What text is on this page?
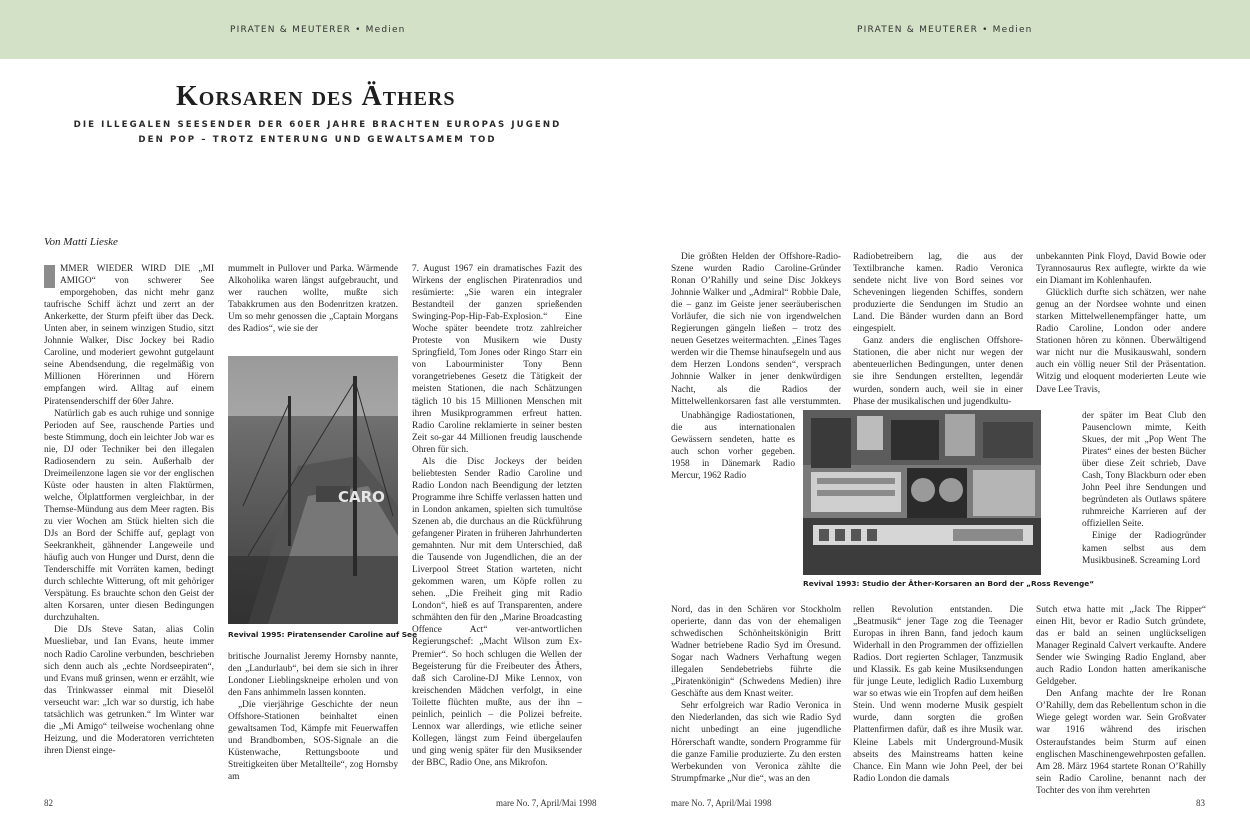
PIRATEN & MEUTERER • Medien	PIRATEN & MEUTERER • Medien
Korsaren des Äthers
DIE ILLEGALEN SEESENDER DER 60ER JAHRE BRACHTEN EUROPAS JUGEND
DEN POP – TROTZ ENTERUNG UND GEWALTSAMEM TOD
Von Matti Lieske

MMER WIEDER WIRD DIE „MI AMIGO“ von schwerer See emporgehoben, das nicht mehr ganz taufrische Schiff ächzt und zerrt an der Ankerkette, der Sturm pfeift über das Deck. Unten aber, in seinem winzigen Studio, sitzt Johnnie Walker, Disc Jockey bei Radio Caroline, und moderiert gewohnt gutgelaunt seine Abendsendung, die regelmäßig von Millionen Hörerinnen und Hörern empfangen wird. Alltag auf einem Piratensenderschiff der 60er Jahre.

Natürlich gab es auch ruhige und sonnige Perioden auf See, rauschende Parties und beste Stimmung, doch ein leichter Job war es nie, DJ oder Techniker bei den illegalen Radiosendern zu sein. Außerhalb der Dreimeilenzone lagen sie vor der englischen Küste oder hausten in alten Flaktürmen, welche, Ölplattformen vergleichbar, in der Themse-Mündung aus dem Meer ragten. Bis zu vier Wochen am Stück hielten sich die DJs an Bord der Schiffe auf, geplagt von Seekrankheit, gähnender Langeweile und häufig auch von Hunger und Durst, denn die Tenderschiffe mit Vorräten kamen, bedingt durch schlechte Witterung, oft mit gehöriger Verspätung. Es brauchte schon den Geist der alten Korsaren, unter diesen Bedingungen durchzuhalten.

Die DJs Steve Satan, alias Colin Muesliebar, und Ian Evans, heute immer noch Radio Caroline verbunden, beschrieben sich denn auch als „echte Nordseepiraten“, und Evans muß grinsen, wenn er erzählt, wie das Trinkwasser einmal mit Dieselöl verseucht war: „Ich war so durstig, ich habe tatsächlich was getrunken.“ Im Winter war die „Mi Amigo“ teilweise wochenlang ohne Heizung, und die Moderatoren verrichteten ihren Dienst einge-

mummelt in Pullover und Parka. Wärmende Alkoholika waren längst aufgebraucht, und wer rauchen wollte, mußte sich Tabakkrumen aus den Bodenritzen kratzen. Um so mehr genossen die „Captain Morgans des Radios“, wie sie der

CARO
Revival 1995: Piratensender Caroline auf See

britische Journalist Jeremy Hornsby nannte, den „Landurlaub“, bei dem sie sich in ihrer Londoner Lieblingskneipe erholen und von den Fans anhimmeln lassen konnten.

„Die vierjährige Geschichte der neun Offshore-Stationen beinhaltet einen gewaltsamen Tod, Kämpfe mit Feuerwaffen und Brandbomben, SOS-Signale an die Küstenwache, Rettungsboote und Streitigkeiten über Metallteile“, zog Hornsby am

7. August 1967 ein dramatisches Fazit des Wirkens der englischen Piratenradios und resümierte: „Sie waren ein integraler Bestandteil der ganzen sprießenden Swinging-Pop-Hip-Fab-Explosion.“ Eine Woche später beendete trotz zahlreicher Proteste von Musikern wie Dusty Springfield, Tom Jones oder Ringo Starr ein von Labourminister Tony Benn vorangetriebenes Gesetz die Tätigkeit der meisten Stationen, die nach Schätzungen täglich 10 bis 15 Millionen Menschen mit ihren Musikprogrammen erfreut hatten. Radio Caroline reklamierte in seiner besten Zeit so-gar 44 Millionen freudig lauschende Ohren für sich.

Als die Disc Jockeys der beiden beliebtesten Sender Radio Caroline und Radio London nach Beendigung der letzten Programme ihre Schiffe verlassen hatten und in London ankamen, spielten sich tumultöse Szenen ab, die durchaus an die Rückführung gefangener Piraten in früheren Jahrhunderten gemahnten. Nur mit dem Unterschied, daß die Tausende von Jugendlichen, die an der Liverpool Street Station warteten, nicht gekommen waren, um Köpfe rollen zu sehen. „Die Freiheit ging mit Radio London“, hieß es auf Transparenten, andere schmähten den für den „Marine Broadcasting Offence Act“ ver-antwortlichen Regierungschef: „Macht Wilson zum Ex-Premier“. So hoch schlugen die Wellen der Begeisterung für die Freibeuter des Äthers, daß sich Caroline-DJ Mike Lennox, von kreischenden Mädchen verfolgt, in eine Toilette flüchten mußte, aus der ihn – peinlich, peinlich – die Polizei befreite. Lennox war allerdings, wie etliche seiner Kollegen, längst zum Feind übergelaufen und ging wenig später für den Musiksender der BBC, Radio One, ans Mikrofon.

82	mare No. 7, April/Mai 1998

Die größten Helden der Offshore-Radio-Szene wurden Radio Caroline-Gründer Ronan O’Rahilly und seine Disc Jokkeys Johnnie Walker und „Admiral“ Robbie Dale, die – ganz im Geiste jener seeräuberischen Vorläufer, die sich nie von irgendwelchen Regierungen gängeln ließen – trotz des neuen Gesetzes weitermachten. „Eines Tages werden wir die Themse hinaufsegeln und aus dem Herzen Londons senden“, versprach Johnnie Walker in jener denkwürdigen Nacht, als die Radios der Mittelwellenkorsaren fast alle verstummten.

Unabhängige Radiostationen, die aus internationalen Gewässern sendeten, hatte es auch schon vorher gegeben. 1958 in Dänemark Radio Mercur, 1962 Radio

Nord, das in den Schären vor Stockholm operierte, dann das von der ehemaligen schwedischen Schönheitskönigin Britt Wadner betriebene Radio Syd im Öresund. Sogar nach Wadners Verhaftung wegen illegalen Sendebetriebs führte die „Piratenkönigin“ (Schwedens Medien) ihre Geschäfte aus dem Knast weiter.

Sehr erfolgreich war Radio Veronica in den Niederlanden, das sich wie Radio Syd nicht unbedingt an eine jugendliche Hörerschaft wandte, sondern Programme für die ganze Familie produzierte. Zu den ersten Werbekunden von Veronica zählte die Strumpfmarke „Nur die“, was an den

Radiobetreibern lag, die aus der Textilbranche kamen. Radio Veronica sendete nicht live von Bord seines vor Scheveningen liegenden Schiffes, sondern produzierte die Sendungen im Studio an Land. Die Bänder wurden dann an Bord eingespielt.

Ganz anders die englischen Offshore-Stationen, die aber nicht nur wegen der abenteuerlichen Bedingungen, unter denen sie ihre Sendungen erstellten, legendär wurden, sondern auch, weil sie in einer Phase der musikalischen und jugendkultu-

Revival 1993: Studio der Äther-Korsaren an Bord der „Ross Revenge“

rellen Revolution entstanden. Die „Beatmusik“ jener Tage zog die Teenager Europas in ihren Bann, fand jedoch kaum Widerhall in den Programmen der offiziellen Radios. Dort regierten Schlager, Tanzmusik und Klassik. Es gab keine Musiksendungen für junge Leute, lediglich Radio Luxemburg war so etwas wie ein Tropfen auf dem heißen Stein. Und wenn moderne Musik gespielt wurde, dann sorgten die großen Plattenfirmen dafür, daß es ihre Musik war. Kleine Labels mit Underground-Musik abseits des Mainstreams hatten keine Chance. Ein Mann wie John Peel, der bei Radio London die damals

unbekannten Pink Floyd, David Bowie oder Tyrannosaurus Rex auflegte, wirkte da wie ein Diamant im Kohlenhaufen.

Glücklich durfte sich schätzen, wer nahe genug an der Nordsee wohnte und einen starken Mittelwellenempfänger hatte, um Radio Caroline, London oder andere Stationen hören zu können. Überwältigend war nicht nur die Musikauswahl, sondern auch ein völlig neuer Stil der Präsentation. Witzig und eloquent moderierten Leute wie Dave Lee Travis,

der später im Beat Club den Pausenclown mimte, Keith Skues, der mit „Pop Went The Pirates“ eines der besten Bücher über diese Zeit schrieb, Dave Cash, Tony Blackburn oder eben John Peel ihre Sendungen und begründeten als Outlaws spätere ruhmreiche Karrieren auf der offiziellen Seite.

Einige der Radiogründer kamen selbst aus dem Musikbusineß. Screaming Lord

Sutch etwa hatte mit „Jack The Ripper“ einen Hit, bevor er Radio Sutch gründete, das er bald an seinen unglückseligen Manager Reginald Calvert verkaufte. Andere Sender wie Swinging Radio England, aber auch Radio London hatten amerikanische Geldgeber.

Den Anfang machte der Ire Ronan O’Rahilly, dem das Rebellentum schon in die Wiege gelegt worden war. Sein Großvater war 1916 während des irischen Osteraufstandes beim Sturm auf einen englischen Maschinengewehrposten gefallen. Am 28. März 1964 startete Ronan O’Rahilly sein Radio Caroline, benannt nach der Tochter des von ihm verehrten

mare No. 7, April/Mai 1998	83
